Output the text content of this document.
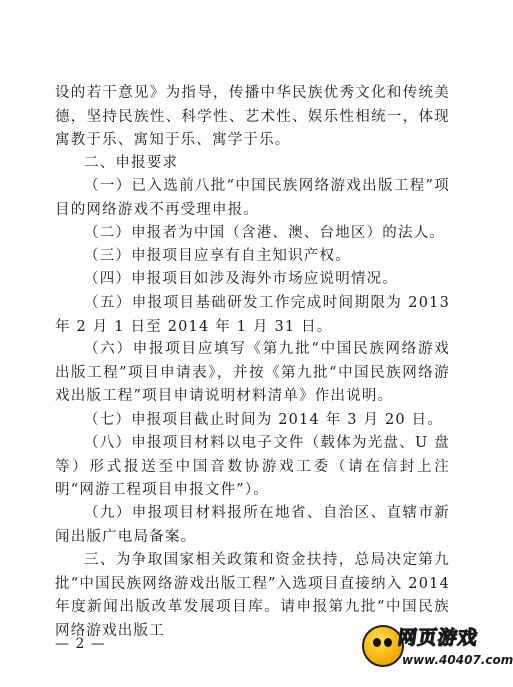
设的若干意见》为指导，传播中华民族优秀文化和传统美德，坚持民族性、科学性、艺术性、娱乐性相统一，体现寓教于乐、寓知于乐、寓学于乐。

二、申报要求

（一）已入选前八批“中国民族网络游戏出版工程”项目的网络游戏不再受理申报。

（二）申报者为中国（含港、澳、台地区）的法人。

（三）申报项目应享有自主知识产权。

（四）申报项目如涉及海外市场应说明情况。

（五）申报项目基础研发工作完成时间期限为 2013 年 2 月 1 日至 2014 年 1 月 31 日。

（六）申报项目应填写《第九批“中国民族网络游戏出版工程”项目申请表》，并按《第九批“中国民族网络游戏出版工程”项目申请说明材料清单》作出说明。

（七）申报项目截止时间为 2014 年 3 月 20 日。

（八）申报项目材料以电子文件（载体为光盘、U 盘等）形式报送至中国音数协游戏工委（请在信封上注明“网游工程项目申报文件”）。

（九）申报项目材料报所在地省、自治区、直辖市新闻出版广电局备案。

三、为争取国家相关政策和资金扶持，总局决定第九批“中国民族网络游戏出版工程”入选项目直接纳入 2014 年度新闻出版改革发展项目库。请申报第九批“中国民族网络游戏出版工

— 2 —	网页游戏
www.40407.com
